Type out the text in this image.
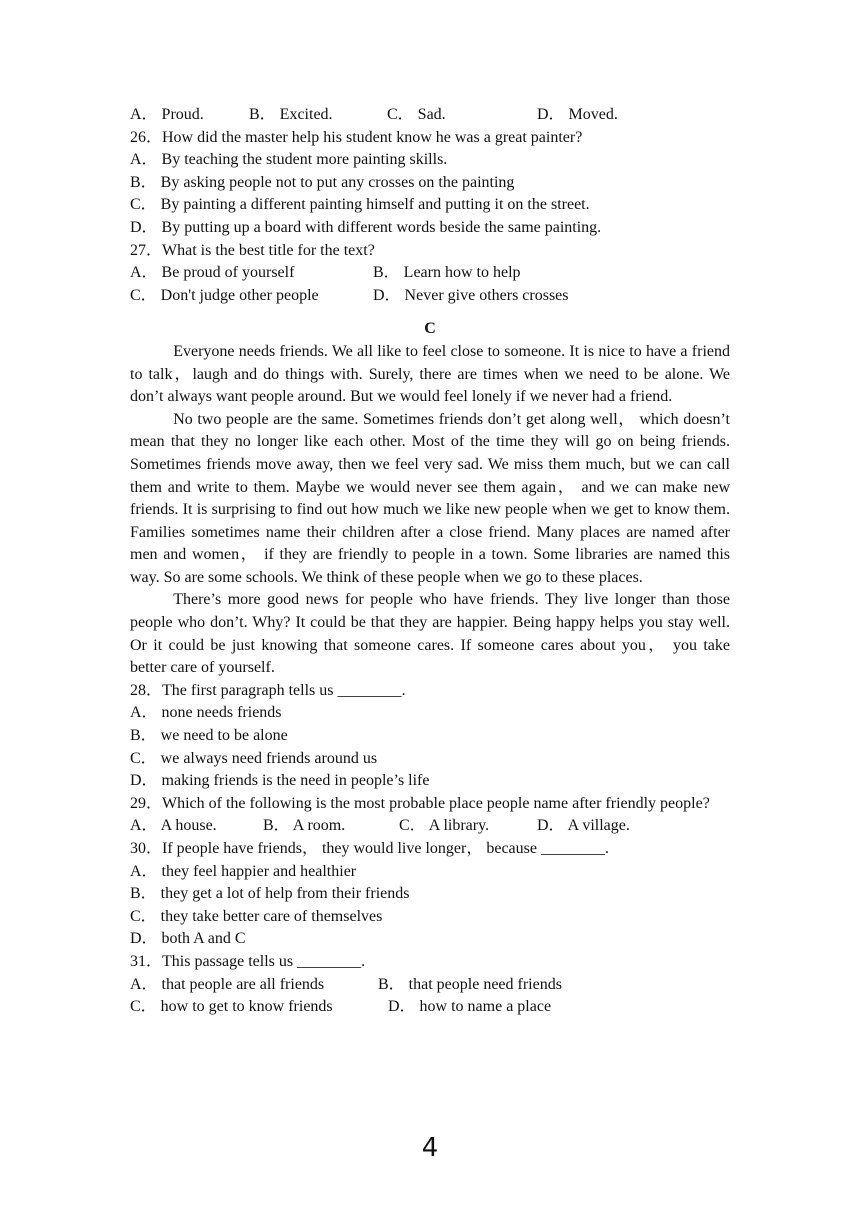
A． Proud.	B． Excited.	C． Sad.	D． Moved.
26．How did the master help his student know he was a great painter?
A． By teaching the student more painting skills.
B． By asking people not to put any crosses on the painting
C． By painting a different painting himself and putting it on the street.
D． By putting up a board with different words beside the same painting.
27．What is the best title for the text?
A． Be proud of yourself	B． Learn how to help
C． Don't judge other people	D． Never give others crosses
C

Everyone needs friends. We all like to feel close to someone. It is nice to have a friend to talk，laugh and do things with. Surely, there are times when we need to be alone. We don’t always want people around. But we would feel lonely if we never had a friend.

No two people are the same. Sometimes friends don’t get along well， which doesn’t mean that they no longer like each other. Most of the time they will go on being friends. Sometimes friends move away, then we feel very sad. We miss them much, but we can call them and write to them. Maybe we would never see them again， and we can make new friends. It is surprising to find out how much we like new people when we get to know them. Families sometimes name their children after a close friend. Many places are named after men and women， if they are friendly to people in a town. Some libraries are named this way. So are some schools. We think of these people when we go to these places.

There’s more good news for people who have friends. They live longer than those people who don’t. Why? It could be that they are happier. Being happy helps you stay well. Or it could be just knowing that someone cares. If someone cares about you， you take better care of yourself.

28．The first paragraph tells us ________.
A． none needs friends
B． we need to be alone
C． we always need friends around us
D． making friends is the need in people’s life
29．Which of the following is the most probable place people name after friendly people?
A． A house.	B． A room.	C． A library.	D． A village.
30．If people have friends， they would live longer， because ________.
A． they feel happier and healthier
B． they get a lot of help from their friends
C． they take better care of themselves
D． both A and C
31．This passage tells us ________.
A． that people are all friends	B． that people need friends
C． how to get to know friends	D． how to name a place
4
